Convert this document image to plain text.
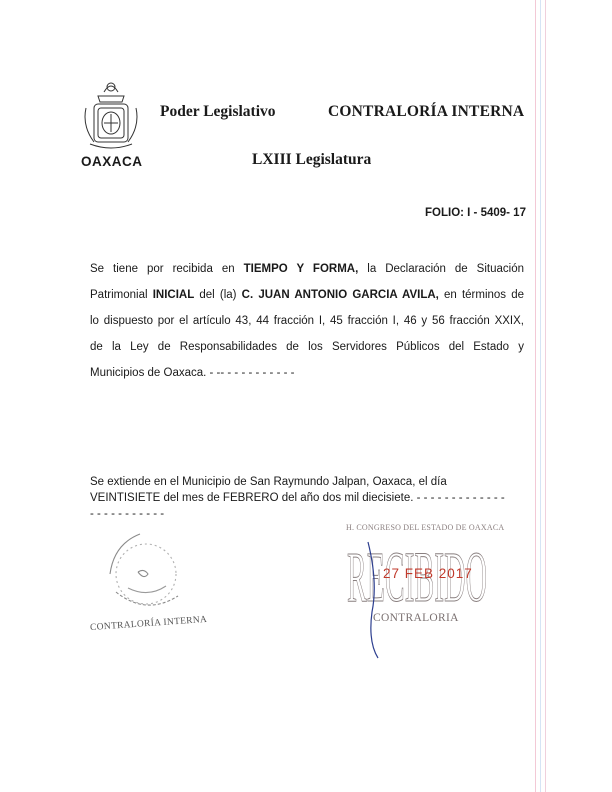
OAXACA
Poder Legislativo	CONTRALORÍA INTERNA
LXIII Legislatura
FOLIO: I - 5409- 17
Se tiene por recibida en TIEMPO Y FORMA, la Declaración de Situación
Patrimonial INICIAL del (la) C. JUAN ANTONIO GARCIA AVILA, en términos de
lo dispuesto por el artículo 43, 44 fracción I, 45 fracción I, 46 y 56 fracción XXIX,
de la Ley de Responsabilidades de los Servidores Públicos del Estado y
Municipios de Oaxaca. - -- - - - - - - - - - -
Se extiende en el Municipio de San Raymundo Jalpan, Oaxaca, el día
VEINTISIETE del mes de FEBRERO del año dos mil diecisiete. - - - - - - - - - - - - -
- - - - - - - - - - -
CONTRALORÍA INTERNA
H. CONGRESO DEL ESTADO DE OAXACA
RECIBIDO
27 FEB 2017
CONTRALORIA
